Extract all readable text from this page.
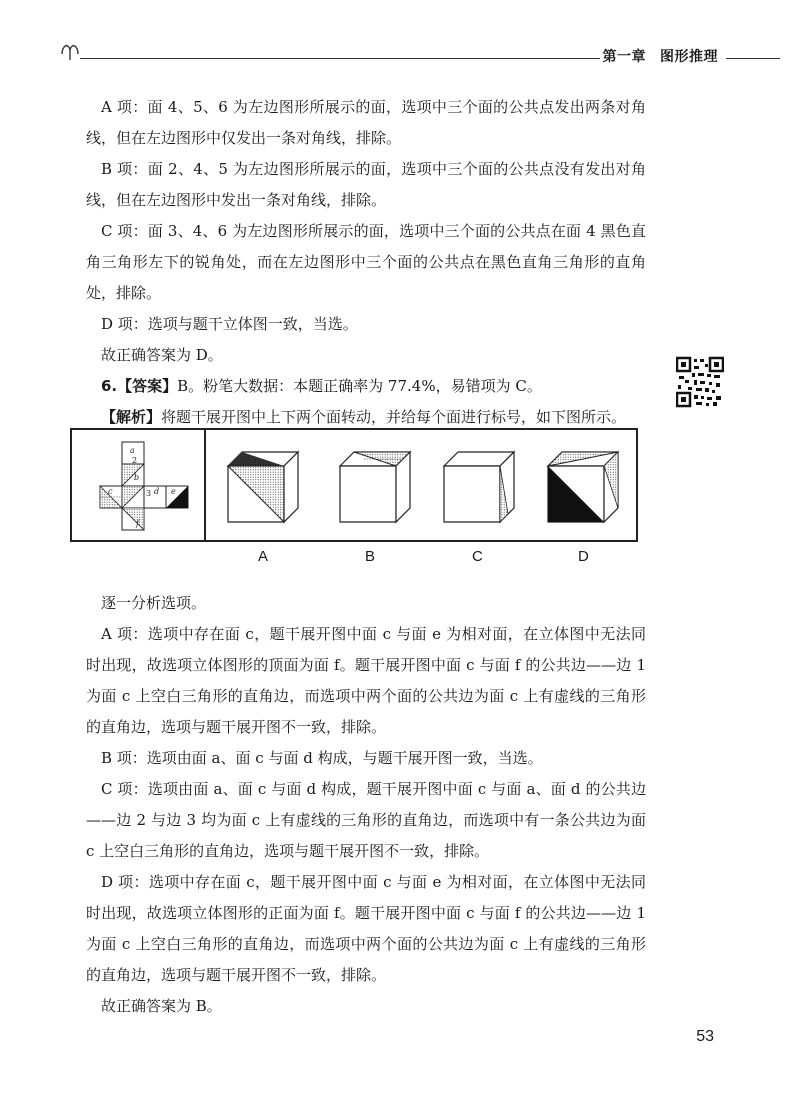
第一章 图形推理

A 项：面 4、5、6 为左边图形所展示的面，选项中三个面的公共点发出两条对角线，但在左边图形中仅发出一条对角线，排除。

B 项：面 2、4、5 为左边图形所展示的面，选项中三个面的公共点没有发出对角线，但在左边图形中发出一条对角线，排除。

C 项：面 3、4、6 为左边图形所展示的面，选项中三个面的公共点在面 4 黑色直角三角形左下的锐角处，而在左边图形中三个面的公共点在黑色直角三角形的直角处，排除。

D 项：选项与题干立体图一致，当选。

故正确答案为 D。

6.【答案】B。粉笔大数据：本题正确率为 77.4%，易错项为 C。

【解析】将题干展开图中上下两个面转动，并给每个面进行标号，如下图所示。

a
2
b
c	3 d e
f
A	B	C	D

逐一分析选项。

A 项：选项中存在面 c，题干展开图中面 c 与面 e 为相对面，在立体图中无法同时出现，故选项立体图形的顶面为面 f。题干展开图中面 c 与面 f 的公共边——边 1 为面 c 上空白三角形的直角边，而选项中两个面的公共边为面 c 上有虚线的三角形的直角边，选项与题干展开图不一致，排除。

B 项：选项由面 a、面 c 与面 d 构成，与题干展开图一致，当选。

C 项：选项由面 a、面 c 与面 d 构成，题干展开图中面 c 与面 a、面 d 的公共边——边 2 与边 3 均为面 c 上有虚线的三角形的直角边，而选项中有一条公共边为面 c 上空白三角形的直角边，选项与题干展开图不一致，排除。

D 项：选项中存在面 c，题干展开图中面 c 与面 e 为相对面，在立体图中无法同时出现，故选项立体图形的正面为面 f。题干展开图中面 c 与面 f 的公共边——边 1 为面 c 上空白三角形的直角边，而选项中两个面的公共边为面 c 上有虚线的三角形的直角边，选项与题干展开图不一致，排除。

故正确答案为 B。

53
